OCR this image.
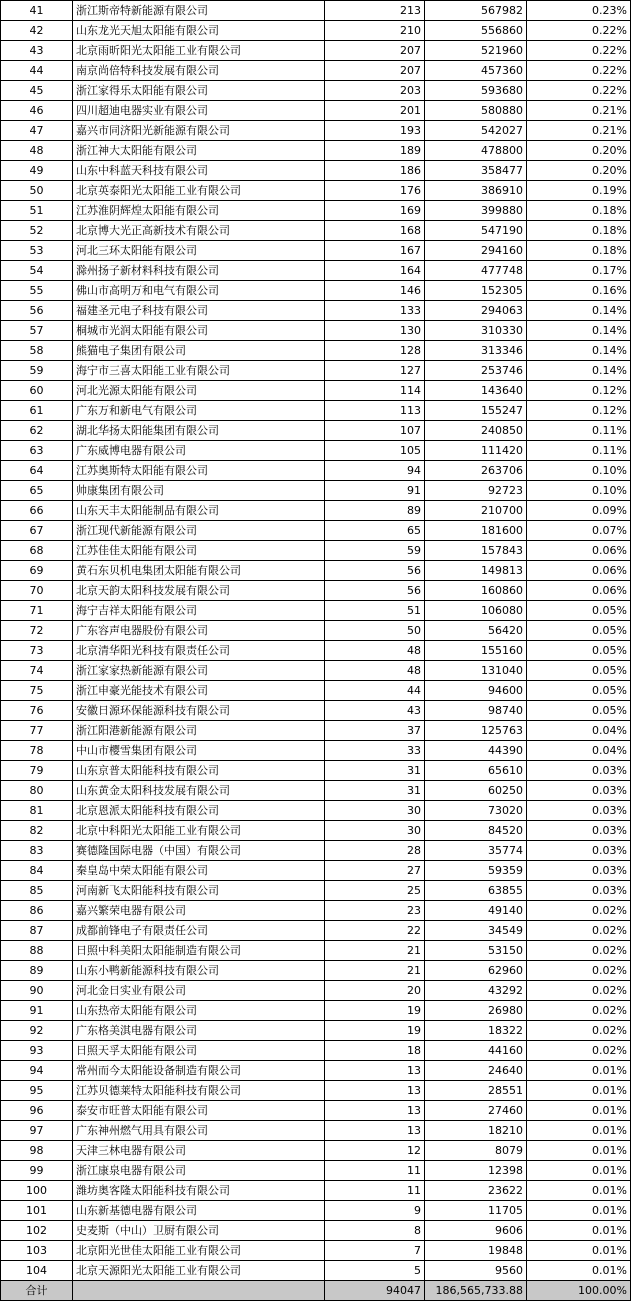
41	浙江斯帝特新能源有限公司	213	567982	0.23%
42	山东龙光天旭太阳能有限公司	210	556860	0.22%
43	北京雨昕阳光太阳能工业有限公司	207	521960	0.22%
44	南京尚倍特科技发展有限公司	207	457360	0.22%
45	浙江家得乐太阳能有限公司	203	593680	0.22%
46	四川超迪电器实业有限公司	201	580880	0.21%
47	嘉兴市同济阳光新能源有限公司	193	542027	0.21%
48	浙江神大太阳能有限公司	189	478800	0.20%
49	山东中科蓝天科技有限公司	186	358477	0.20%
50	北京英泰阳光太阳能工业有限公司	176	386910	0.19%
51	江苏淮阴辉煌太阳能有限公司	169	399880	0.18%
52	北京博大光正高新技术有限公司	168	547190	0.18%
53	河北三环太阳能有限公司	167	294160	0.18%
54	滁州扬子新材料科技有限公司	164	477748	0.17%
55	佛山市高明万和电气有限公司	146	152305	0.16%
56	福建圣元电子科技有限公司	133	294063	0.14%
57	桐城市光润太阳能有限公司	130	310330	0.14%
58	熊猫电子集团有限公司	128	313346	0.14%
59	海宁市三喜太阳能工业有限公司	127	253746	0.14%
60	河北光源太阳能有限公司	114	143640	0.12%
61	广东万和新电气有限公司	113	155247	0.12%
62	湖北华扬太阳能集团有限公司	107	240850	0.11%
63	广东威博电器有限公司	105	111420	0.11%
64	江苏奥斯特太阳能有限公司	94	263706	0.10%
65	帅康集团有限公司	91	92723	0.10%
66	山东天丰太阳能制品有限公司	89	210700	0.09%
67	浙江现代新能源有限公司	65	181600	0.07%
68	江苏佳佳太阳能有限公司	59	157843	0.06%
69	黄石东贝机电集团太阳能有限公司	56	149813	0.06%
70	北京天韵太阳科技发展有限公司	56	160860	0.06%
71	海宁吉祥太阳能有限公司	51	106080	0.05%
72	广东容声电器股份有限公司	50	56420	0.05%
73	北京清华阳光科技有限责任公司	48	155160	0.05%
74	浙江家家热新能源有限公司	48	131040	0.05%
75	浙江申豪光能技术有限公司	44	94600	0.05%
76	安徽日源环保能源科技有限公司	43	98740	0.05%
77	浙江阳港新能源有限公司	37	125763	0.04%
78	中山市樱雪集团有限公司	33	44390	0.04%
79	山东京普太阳能科技有限公司	31	65610	0.03%
80	山东黄金太阳科技发展有限公司	31	60250	0.03%
81	北京恩派太阳能科技有限公司	30	73020	0.03%
82	北京中科阳光太阳能工业有限公司	30	84520	0.03%
83	赛德隆国际电器（中国）有限公司	28	35774	0.03%
84	秦皇岛中荣太阳能有限公司	27	59359	0.03%
85	河南新飞太阳能科技有限公司	25	63855	0.03%
86	嘉兴繁荣电器有限公司	23	49140	0.02%
87	成都前锋电子有限责任公司	22	34549	0.02%
88	日照中科美阳太阳能制造有限公司	21	53150	0.02%
89	山东小鸭新能源科技有限公司	21	62960	0.02%
90	河北金日实业有限公司	20	43292	0.02%
91	山东热帝太阳能有限公司	19	26980	0.02%
92	广东格美淇电器有限公司	19	18322	0.02%
93	日照天孚太阳能有限公司	18	44160	0.02%
94	常州而今太阳能设备制造有限公司	13	24640	0.01%
95	江苏贝德莱特太阳能科技有限公司	13	28551	0.01%
96	泰安市旺普太阳能有限公司	13	27460	0.01%
97	广东神州燃气用具有限公司	13	18210	0.01%
98	天津三林电器有限公司	12	8079	0.01%
99	浙江康泉电器有限公司	11	12398	0.01%
100	潍坊奥客隆太阳能科技有限公司	11	23622	0.01%
101	山东新基德电器有限公司	9	11705	0.01%
102	史麦斯（中山）卫厨有限公司	8	9606	0.01%
103	北京阳光世佳太阳能工业有限公司	7	19848	0.01%
104	北京天源阳光太阳能工业有限公司	5	9560	0.01%
合计		94047	186,565,733.88	100.00%
